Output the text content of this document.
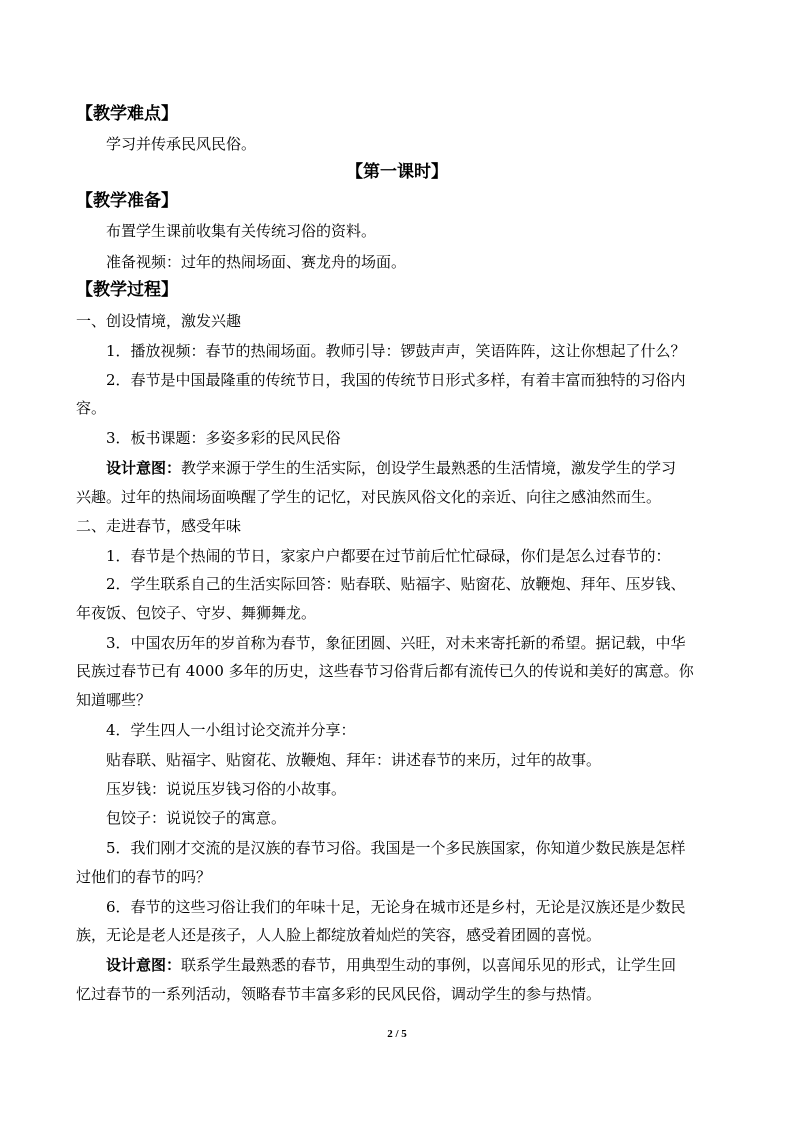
【教学难点】
学习并传承民风民俗。
【第一课时】
【教学准备】
布置学生课前收集有关传统习俗的资料。
准备视频：过年的热闹场面、赛龙舟的场面。
【教学过程】
一、创设情境，激发兴趣
1．播放视频：春节的热闹场面。教师引导：锣鼓声声，笑语阵阵，这让你想起了什么？
2．春节是中国最隆重的传统节日，我国的传统节日形式多样，有着丰富而独特的习俗内
容。
3．板书课题：多姿多彩的民风民俗
设计意图：教学来源于学生的生活实际，创设学生最熟悉的生活情境，激发学生的学习
兴趣。过年的热闹场面唤醒了学生的记忆，对民族风俗文化的亲近、向往之感油然而生。
二、走进春节，感受年味
1．春节是个热闹的节日，家家户户都要在过节前后忙忙碌碌，你们是怎么过春节的：
2．学生联系自己的生活实际回答：贴春联、贴福字、贴窗花、放鞭炮、拜年、压岁钱、
年夜饭、包饺子、守岁、舞狮舞龙。
3．中国农历年的岁首称为春节，象征团圆、兴旺，对未来寄托新的希望。据记载，中华
民族过春节已有 4000 多年的历史，这些春节习俗背后都有流传已久的传说和美好的寓意。你
知道哪些？
4．学生四人一小组讨论交流并分享：
贴春联、贴福字、贴窗花、放鞭炮、拜年：讲述春节的来历，过年的故事。
压岁钱：说说压岁钱习俗的小故事。
包饺子：说说饺子的寓意。
5．我们刚才交流的是汉族的春节习俗。我国是一个多民族国家，你知道少数民族是怎样
过他们的春节的吗？
6．春节的这些习俗让我们的年味十足，无论身在城市还是乡村，无论是汉族还是少数民
族，无论是老人还是孩子，人人脸上都绽放着灿烂的笑容，感受着团圆的喜悦。
设计意图：联系学生最熟悉的春节，用典型生动的事例，以喜闻乐见的形式，让学生回
忆过春节的一系列活动，领略春节丰富多彩的民风民俗，调动学生的参与热情。
2 / 5
